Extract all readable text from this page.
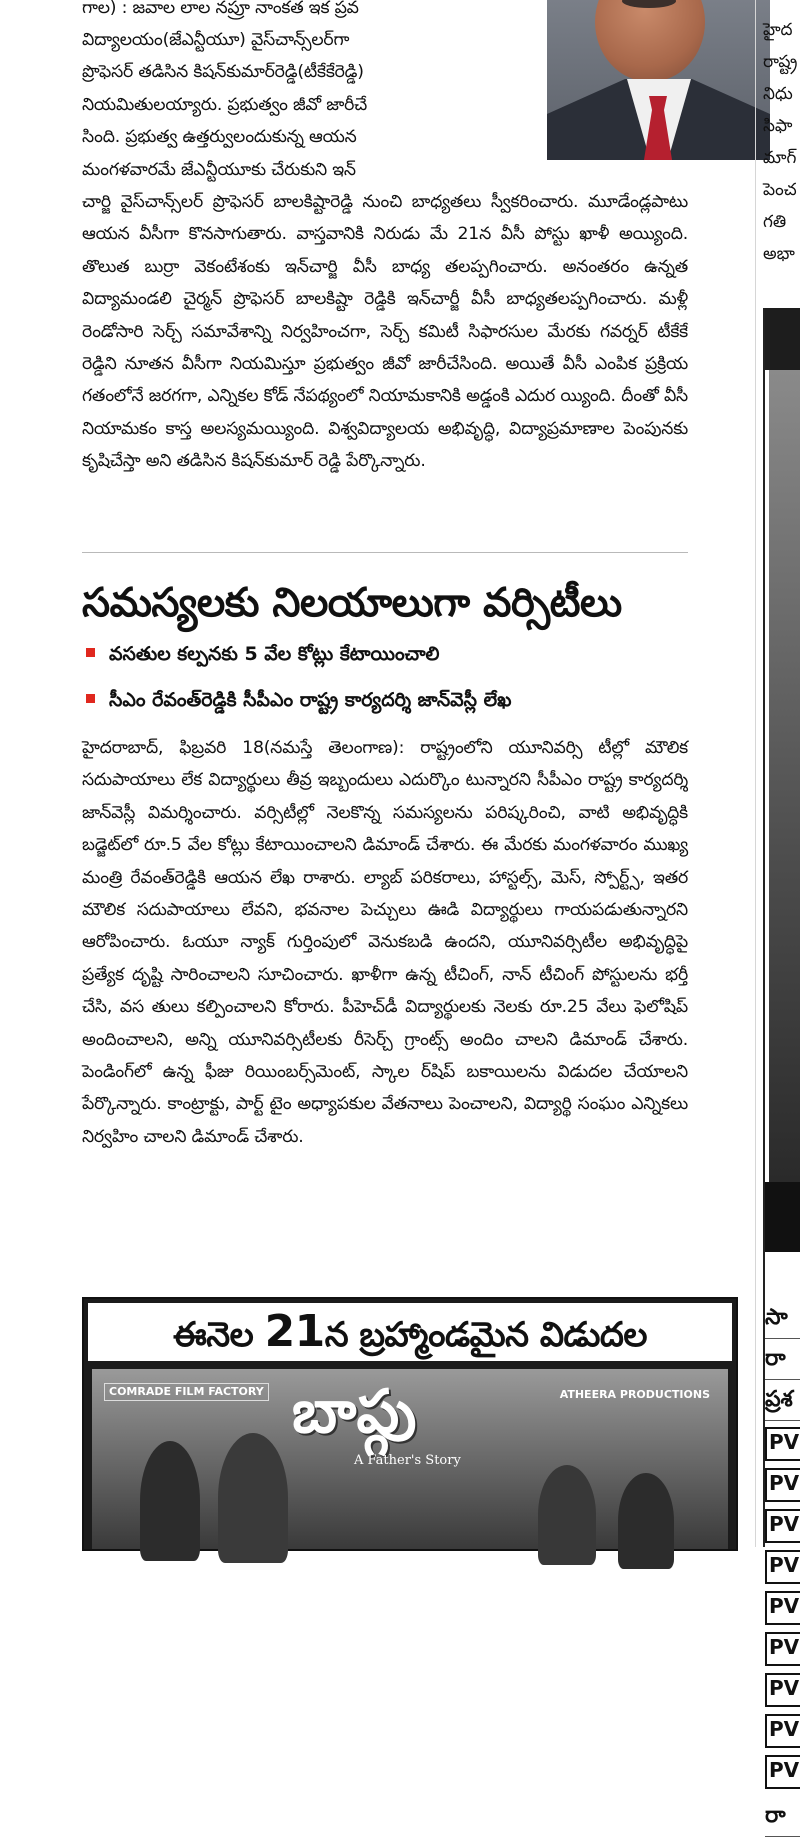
గాల) : జవాల లాల నప్రూ నాంకత ఇక ప్రవ
విద్యాలయం(జేఎన్టీయూ) వైస్‌చాన్స్‌లర్‌గా
ప్రొఫెసర్ తడిసిన కిషన్‌కుమార్‌రెడ్డి(టీకేకేరెడ్డి)
నియమితులయ్యారు. ప్రభుత్వం జీవో జారీచే
సింది. ప్రభుత్వ ఉత్తర్వులందుకున్న ఆయన
మంగళవారమే జేఎన్టీయూకు చేరుకుని ఇన్
చార్జి వైస్‌చాన్స్‌లర్ ప్రొఫెసర్ బాలకిష్టారెడ్డి నుంచి బాధ్యతలు స్వీకరించారు. మూడేండ్లపాటు ఆయన వీసీగా కొనసాగుతారు. వాస్తవానికి నిరుడు మే 21న వీసీ పోస్టు ఖాళీ అయ్యింది. తొలుత బుర్రా వెకంటేశంకు ఇన్‌చార్జి వీసీ బాధ్య తలప్పగించారు. అనంతరం ఉన్నత విద్యామండలి చైర్మన్ ప్రొఫెసర్ బాలకిష్టా రెడ్డికి ఇన్‌చార్జీ వీసీ బాధ్యతలప్పగించారు. మళ్లీ రెండోసారి సెర్చ్ సమావేశాన్ని నిర్వహించగా, సెర్చ్ కమిటీ సిఫారసుల మేరకు గవర్నర్ టీకేకే రెడ్డిని నూతన వీసీగా నియమిస్తూ ప్రభుత్వం జీవో జారీచేసింది. అయితే వీసీ ఎంపిక ప్రక్రియ గతంలోనే జరగగా, ఎన్నికల కోడ్ నేపథ్యంలో నియామకానికి అడ్డంకి ఎదుర య్యింది. దీంతో వీసీ నియామకం కాస్త అలస్యమయ్యింది. విశ్వవిద్యాలయ అభివృద్ధి, విద్యాప్రమాణాల పెంపునకు కృషిచేస్తా అని తడిసిన కిషన్‌కుమార్ రెడ్డి పేర్కొన్నారు.
సమస్యలకు నిలయాలుగా వర్సిటీలు
వసతుల కల్పనకు 5 వేల కోట్లు కేటాయించాలి
సీఎం రేవంత్‌రెడ్డికి సీపీఎం రాష్ట్ర కార్యదర్శి జాన్‌వెస్లీ లేఖ
హైదరాబాద్, ఫిబ్రవరి 18(నమస్తే తెలంగాణ): రాష్ట్రంలోని యూనివర్సి టీల్లో మౌలిక సదుపాయాలు లేక విద్యార్థులు తీవ్ర ఇబ్బందులు ఎదుర్కొం టున్నారని సీపీఎం రాష్ట్ర కార్యదర్శి జాన్‌వెస్లీ విమర్శించారు. వర్సిటీల్లో నెలకొన్న సమస్యలను పరిష్కరించి, వాటి అభివృద్ధికి బడ్జెట్‌లో రూ.5 వేల కోట్లు కేటాయించాలని డిమాండ్ చేశారు. ఈ మేరకు మంగళవారం ముఖ్య మంత్రి రేవంత్‌రెడ్డికి ఆయన లేఖ రాశారు. ల్యాబ్ పరికరాలు, హాస్టల్స్, మెస్, స్పోర్ట్స్, ఇతర మౌలిక సదుపాయాలు లేవని, భవనాల పెచ్చులు ఊడి విద్యార్థులు గాయపడుతున్నారని ఆరోపించారు. ఓయూ న్యాక్ గుర్తింపులో వెనుకబడి ఉందని, యూనివర్సిటీల అభివృద్ధిపై ప్రత్యేక దృష్టి సారించాలని సూచించారు. ఖాళీగా ఉన్న టీచింగ్, నాన్ టీచింగ్ పోస్టులను భర్తీ చేసి, వస తులు కల్పించాలని కోరారు. పీహెచ్‌డీ విద్యార్థులకు నెలకు రూ.25 వేలు ఫెలోషిప్ అందించాలని, అన్ని యూనివర్సిటీలకు రీసెర్చ్ గ్రాంట్స్ అందిం చాలని డిమాండ్ చేశారు. పెండింగ్‌లో ఉన్న ఫీజు రియింబర్స్‌మెంట్, స్కాల ర్‌షిప్ బకాయిలను విడుదల చేయాలని పేర్కొన్నారు. కాంట్రాక్టు, పార్ట్ టైం అధ్యాపకుల వేతనాలు పెంచాలని, విద్యార్థి సంఘం ఎన్నికలు నిర్వహిం చాలని డిమాండ్ చేశారు.
ఈనెల 21న బ్రహ్మాండమైన విడుదల
COMRADE FILM FACTORY బాప్గు
A Father's Story
ATHEERA PRODUCTIONS
హైద
రాష్ట్ర
నిధు
సిఫా
మాగ్
పెంచ
గతి
అభా
సా
రా
ప్రశ
PV
PV
PV
PV
PV
PV
PV
PV
PV
రా
